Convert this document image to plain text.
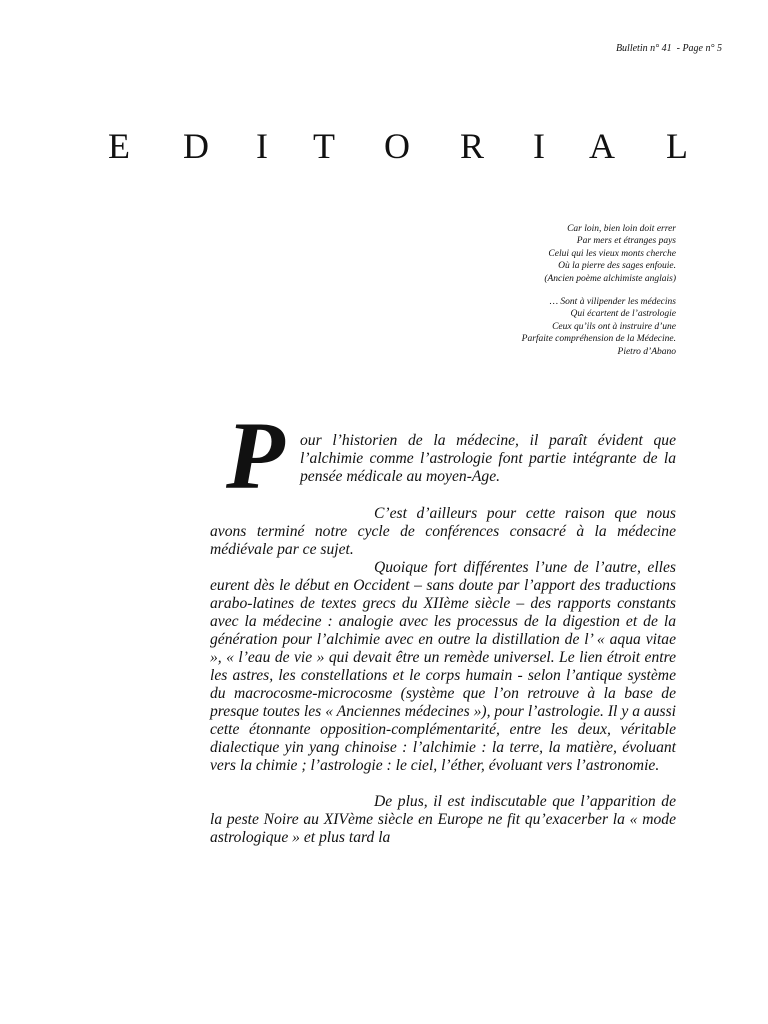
Bulletin n° 41  - Page n° 5
E D I T O R I A L
Car loin, bien loin doit errer
Par mers et étranges pays
Celui qui les vieux monts cherche
Où la pierre des sages enfouie.
(Ancien poème alchimiste anglais)
… Sont à vilipender les médecins
Qui écartent de l’astrologie
Ceux qu’ils ont à instruire d’une
Parfaite compréhension de la Médecine.
Pietro d’Abano
P our l’historien de la médecine, il paraît évident que l’alchimie comme l’astrologie font partie intégrante de la pensée médicale au moyen-Age.

C’est d’ailleurs pour cette raison que nous avons terminé notre cycle de conférences consacré à la médecine médiévale par ce sujet.

Quoique fort différentes l’une de l’autre, elles eurent dès le début en Occident – sans doute par l’apport des traductions arabo-latines de textes grecs du XIIème siècle – des rapports constants avec la médecine : analogie avec les processus de la digestion et de la génération pour l’alchimie avec en outre la distillation de l’ « aqua vitae », « l’eau de vie » qui devait être un remède universel. Le lien étroit entre les astres, les constellations et le corps humain - selon l’antique système du macrocosme-microcosme (système que l’on retrouve à la base de presque toutes les « Anciennes médecines »), pour l’astrologie. Il y a aussi cette étonnante opposition-complémentarité, entre les deux, véritable dialectique yin yang chinoise : l’alchimie : la terre, la matière, évoluant vers la chimie ; l’astrologie : le ciel, l’éther, évoluant vers l’astronomie.

De plus, il est indiscutable que l’apparition de la peste Noire au XIVème siècle en Europe ne fit qu’exacerber la « mode astrologique » et plus tard la
